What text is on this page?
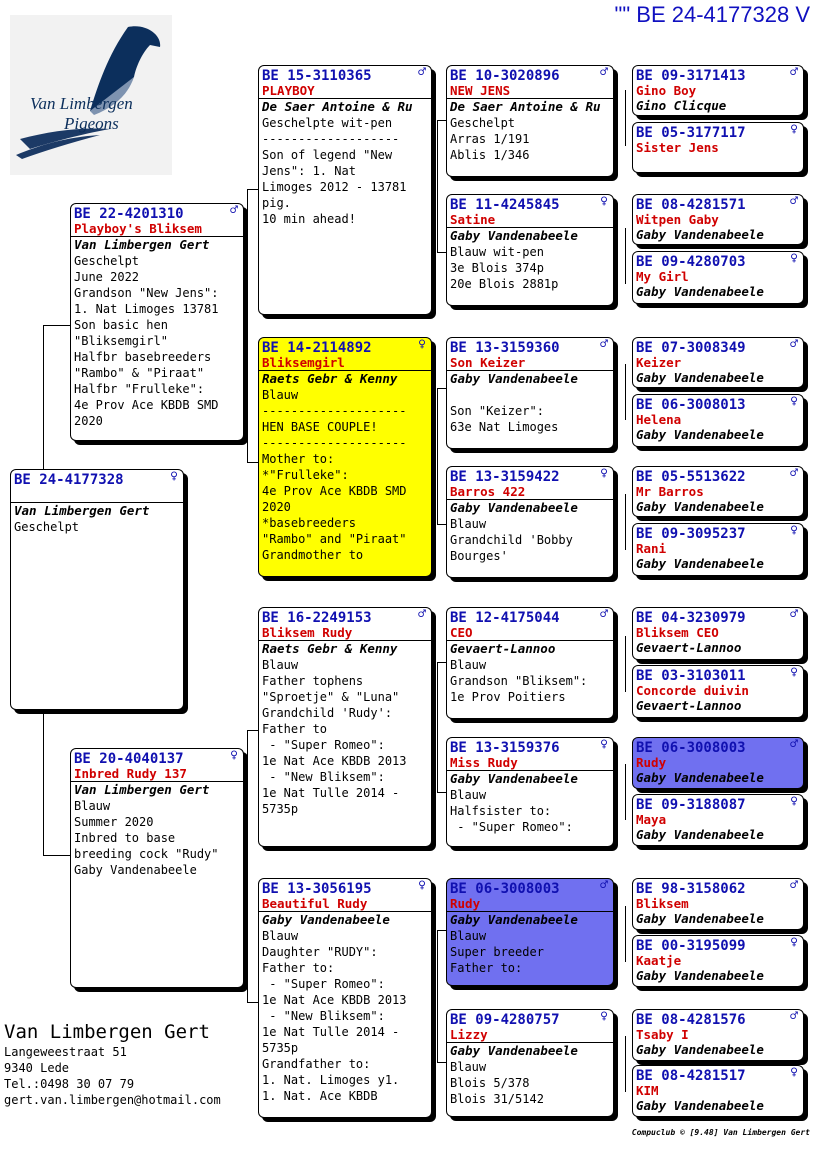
"" BE 24-4177328 V
Van Limbergen
Pigeons
BE 24-4177328	♀
Van Limbergen Gert
Geschelpt
BE 22-4201310	♂
Playboy's Bliksem
Van Limbergen Gert
Geschelpt
June 2022
Grandson "New Jens":
1. Nat Limoges 13781
Son basic hen
"Bliksemgirl"
Halfbr basebreeders
"Rambo" & "Piraat"
Halfbr "Frulleke":
4e Prov Ace KBDB SMD
2020
BE 20-4040137	♀
Inbred Rudy 137
Van Limbergen Gert
Blauw
Summer 2020
Inbred to base
breeding cock "Rudy"
Gaby Vandenabeele
BE 15-3110365	♂
PLAYBOY
De Saer Antoine & Ru
Geschelpte wit-pen
-------------------
Son of legend "New
Jens": 1. Nat
Limoges 2012 - 13781
pig.
10 min ahead!
BE 14-2114892	♀
Bliksemgirl
Raets Gebr & Kenny
Blauw
--------------------
HEN BASE COUPLE!
--------------------
Mother to:
*"Frulleke":
4e Prov Ace KBDB SMD
2020
*basebreeders
"Rambo" and "Piraat"
Grandmother to
BE 16-2249153	♂
Bliksem Rudy
Raets Gebr & Kenny
Blauw
Father tophens
"Sproetje" & "Luna"
Grandchild 'Rudy':
Father to
- "Super Romeo":
1e Nat Ace KBDB 2013
- "New Bliksem":
1e Nat Tulle 2014 -
5735p
BE 13-3056195	♀
Beautiful Rudy
Gaby Vandenabeele
Blauw
Daughter "RUDY":
Father to:
- "Super Romeo":
1e Nat Ace KBDB 2013
- "New Bliksem":
1e Nat Tulle 2014 -
5735p
Grandfather to:
1. Nat. Limoges y1.
1. Nat. Ace KBDB
BE 10-3020896	♂
NEW JENS
De Saer Antoine & Ru
Geschelpt
Arras 1/191
Ablis 1/346
BE 11-4245845	♀
Satine
Gaby Vandenabeele
Blauw wit-pen
3e Blois 374p
20e Blois 2881p
BE 13-3159360	♂
Son Keizer
Gaby Vandenabeele

Son "Keizer":
63e Nat Limoges
BE 13-3159422	♀
Barros 422
Gaby Vandenabeele
Blauw
Grandchild 'Bobby
Bourges'
BE 12-4175044	♂
CEO
Gevaert-Lannoo
Blauw
Grandson "Bliksem":
1e Prov Poitiers
BE 13-3159376	♀
Miss Rudy
Gaby Vandenabeele
Blauw
Halfsister to:
- "Super Romeo":
BE 06-3008003	♂
Rudy
Gaby Vandenabeele
Blauw
Super breeder
Father to:
BE 09-4280757	♀
Lizzy
Gaby Vandenabeele
Blauw
Blois 5/378
Blois 31/5142
BE 09-3171413	♂
Gino Boy
Gino Clicque
BE 05-3177117	♀
Sister Jens
BE 08-4281571	♂
Witpen Gaby
Gaby Vandenabeele
BE 09-4280703	♀
My Girl
Gaby Vandenabeele
BE 07-3008349	♂
Keizer
Gaby Vandenabeele
BE 06-3008013	♀
Helena
Gaby Vandenabeele
BE 05-5513622	♂
Mr Barros
Gaby Vandenabeele
BE 09-3095237	♀
Rani
Gaby Vandenabeele
BE 04-3230979	♂
Bliksem CEO
Gevaert-Lannoo
BE 03-3103011	♀
Concorde duivin
Gevaert-Lannoo
BE 06-3008003	♂
Rudy
Gaby Vandenabeele
BE 09-3188087	♀
Maya
Gaby Vandenabeele
BE 98-3158062	♂
Bliksem
Gaby Vandenabeele
BE 00-3195099	♀
Kaatje
Gaby Vandenabeele
BE 08-4281576	♂
Tsaby I
Gaby Vandenabeele
BE 08-4281517	♀
KIM
Gaby Vandenabeele
Van Limbergen Gert
Langeweestraat 51
9340 Lede
Tel.:0498 30 07 79
gert.van.limbergen@hotmail.com
Compuclub © [9.48] Van Limbergen Gert
